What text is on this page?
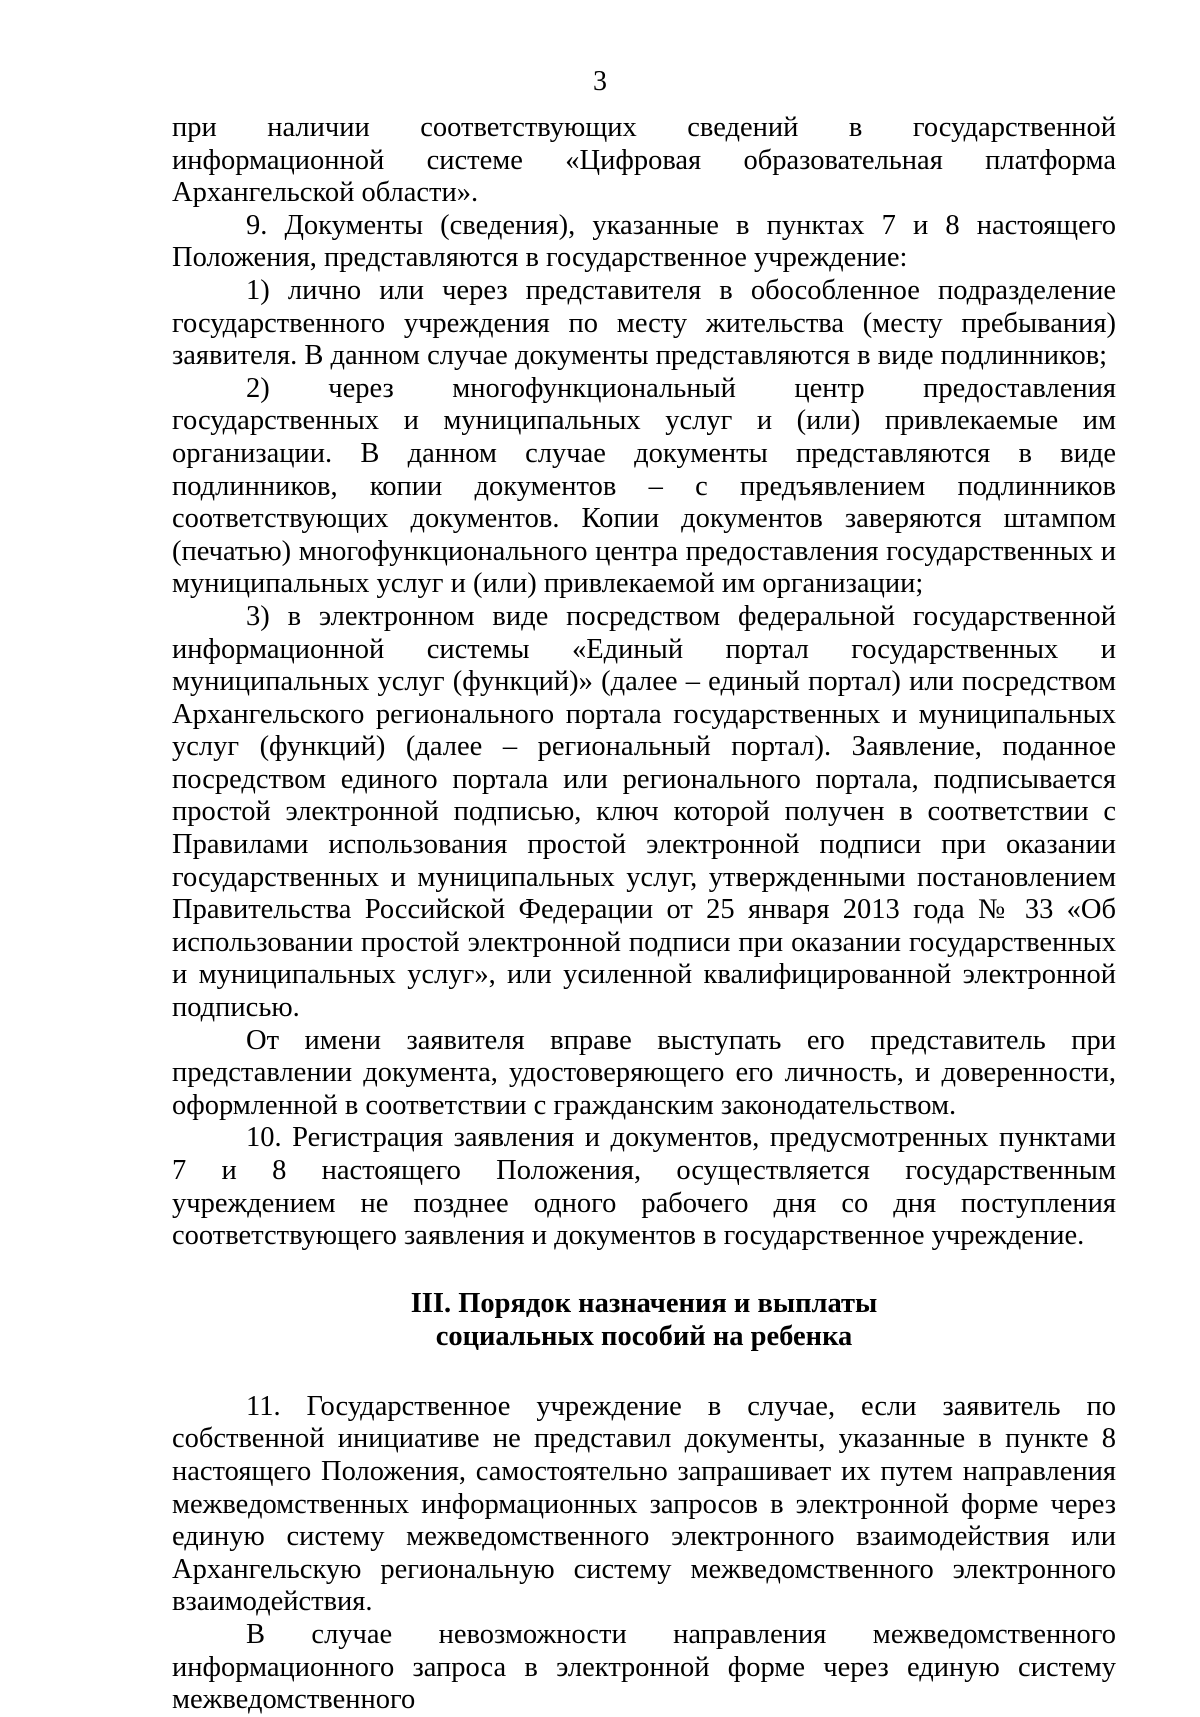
3

при наличии соответствующих сведений в государственной информационной системе «Цифровая образовательная платформа Архангельской области».

9. Документы (сведения), указанные в пунктах 7 и 8 настоящего Положения, представляются в государственное учреждение:

1) лично или через представителя в обособленное подразделение государственного учреждения по месту жительства (месту пребывания) заявителя. В данном случае документы представляются в виде подлинников;

2) через многофункциональный центр предоставления государственных и муниципальных услуг и (или) привлекаемые им организации. В данном случае документы представляются в виде подлинников, копии документов – с предъявлением подлинников соответствующих документов. Копии документов заверяются штампом (печатью) многофункционального центра предоставления государственных и муниципальных услуг и (или) привлекаемой им организации;

3) в электронном виде посредством федеральной государственной информационной системы «Единый портал государственных и муниципальных услуг (функций)» (далее – единый портал) или посредством Архангельского регионального портала государственных и муниципальных услуг (функций) (далее – региональный портал). Заявление, поданное посредством единого портала или регионального портала, подписывается простой электронной подписью, ключ которой получен в соответствии с Правилами использования простой электронной подписи при оказании государственных и муниципальных услуг, утвержденными постановлением Правительства Российской Федерации от 25 января 2013 года № 33 «Об использовании простой электронной подписи при оказании государственных и муниципальных услуг», или усиленной квалифицированной электронной подписью.

От имени заявителя вправе выступать его представитель при представлении документа, удостоверяющего его личность, и доверенности, оформленной в соответствии с гражданским законодательством.

10. Регистрация заявления и документов, предусмотренных пунктами 7 и 8 настоящего Положения, осуществляется государственным учреждением не позднее одного рабочего дня со дня поступления соответствующего заявления и документов в государственное учреждение.

III. Порядок назначения и выплаты
социальных пособий на ребенка

11. Государственное учреждение в случае, если заявитель по собственной инициативе не представил документы, указанные в пункте 8 настоящего Положения, самостоятельно запрашивает их путем направления межведомственных информационных запросов в электронной форме через единую систему межведомственного электронного взаимодействия или Архангельскую региональную систему межведомственного электронного взаимодействия.

В случае невозможности направления межведомственного информационного запроса в электронной форме через единую систему межведомственного
